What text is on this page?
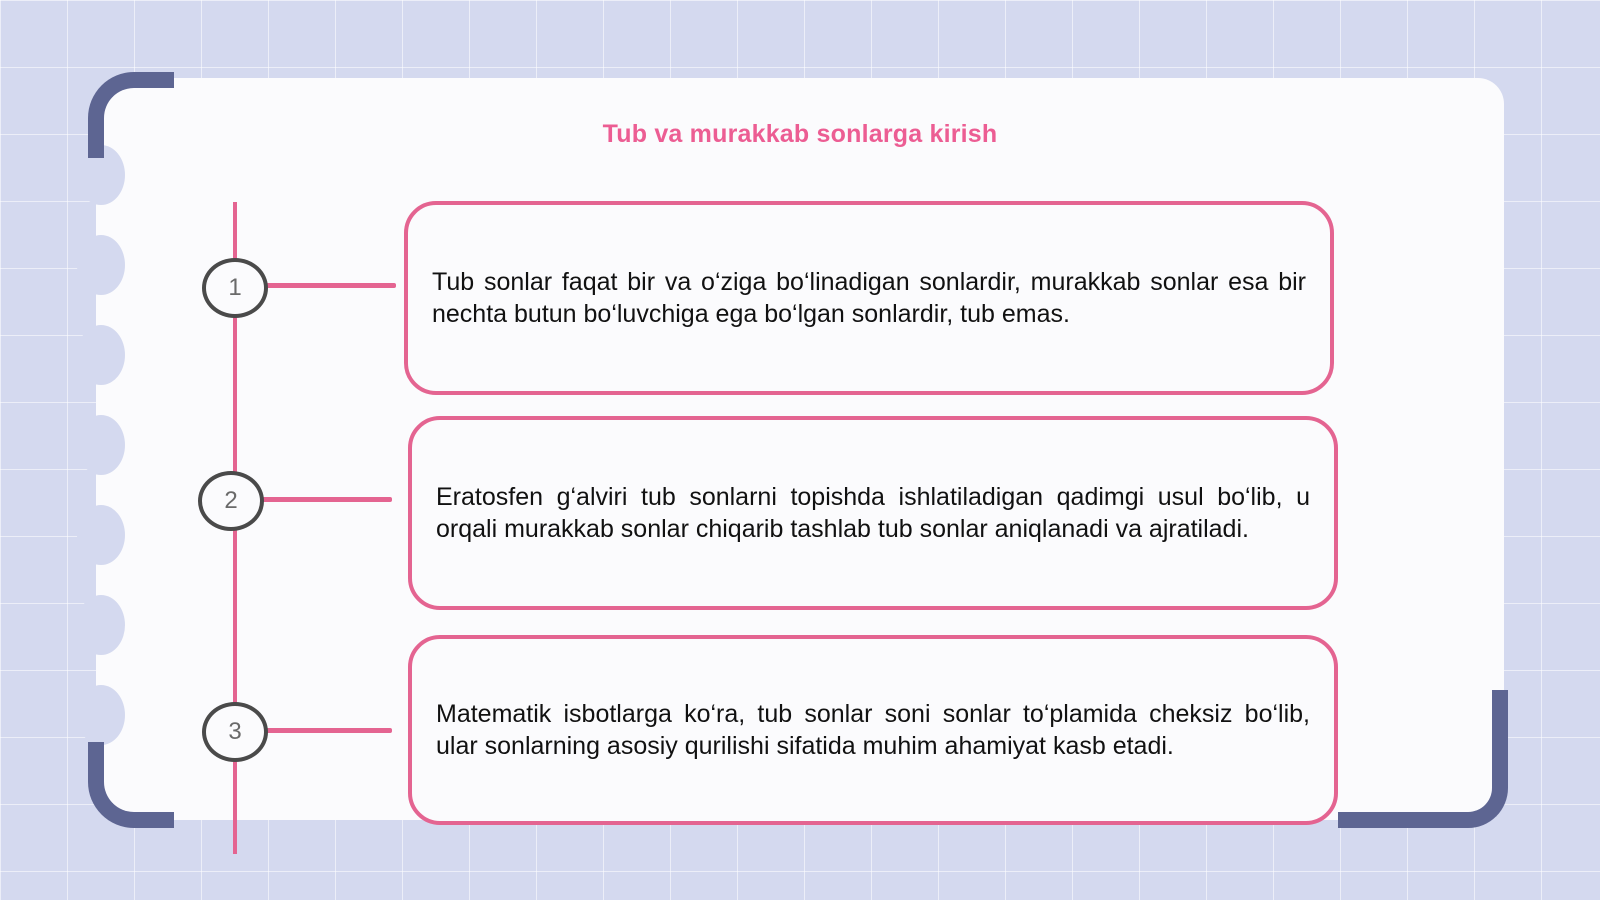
Tub va murakkab sonlarga kirish
1
2
3
Tub sonlar faqat bir va o‘ziga bo‘linadigan sonlardir, murakkab sonlar esa bir nechta butun bo‘luvchiga ega bo‘lgan sonlardir, tub emas.
Eratosfen g‘alviri tub sonlarni topishda ishlatiladigan qadimgi usul bo‘lib, u orqali murakkab sonlar chiqarib tashlab tub sonlar aniqlanadi va ajratiladi.
Matematik isbotlarga ko‘ra, tub sonlar soni sonlar to‘plamida cheksiz bo‘lib, ular sonlarning asosiy qurilishi sifatida muhim ahamiyat kasb etadi.
